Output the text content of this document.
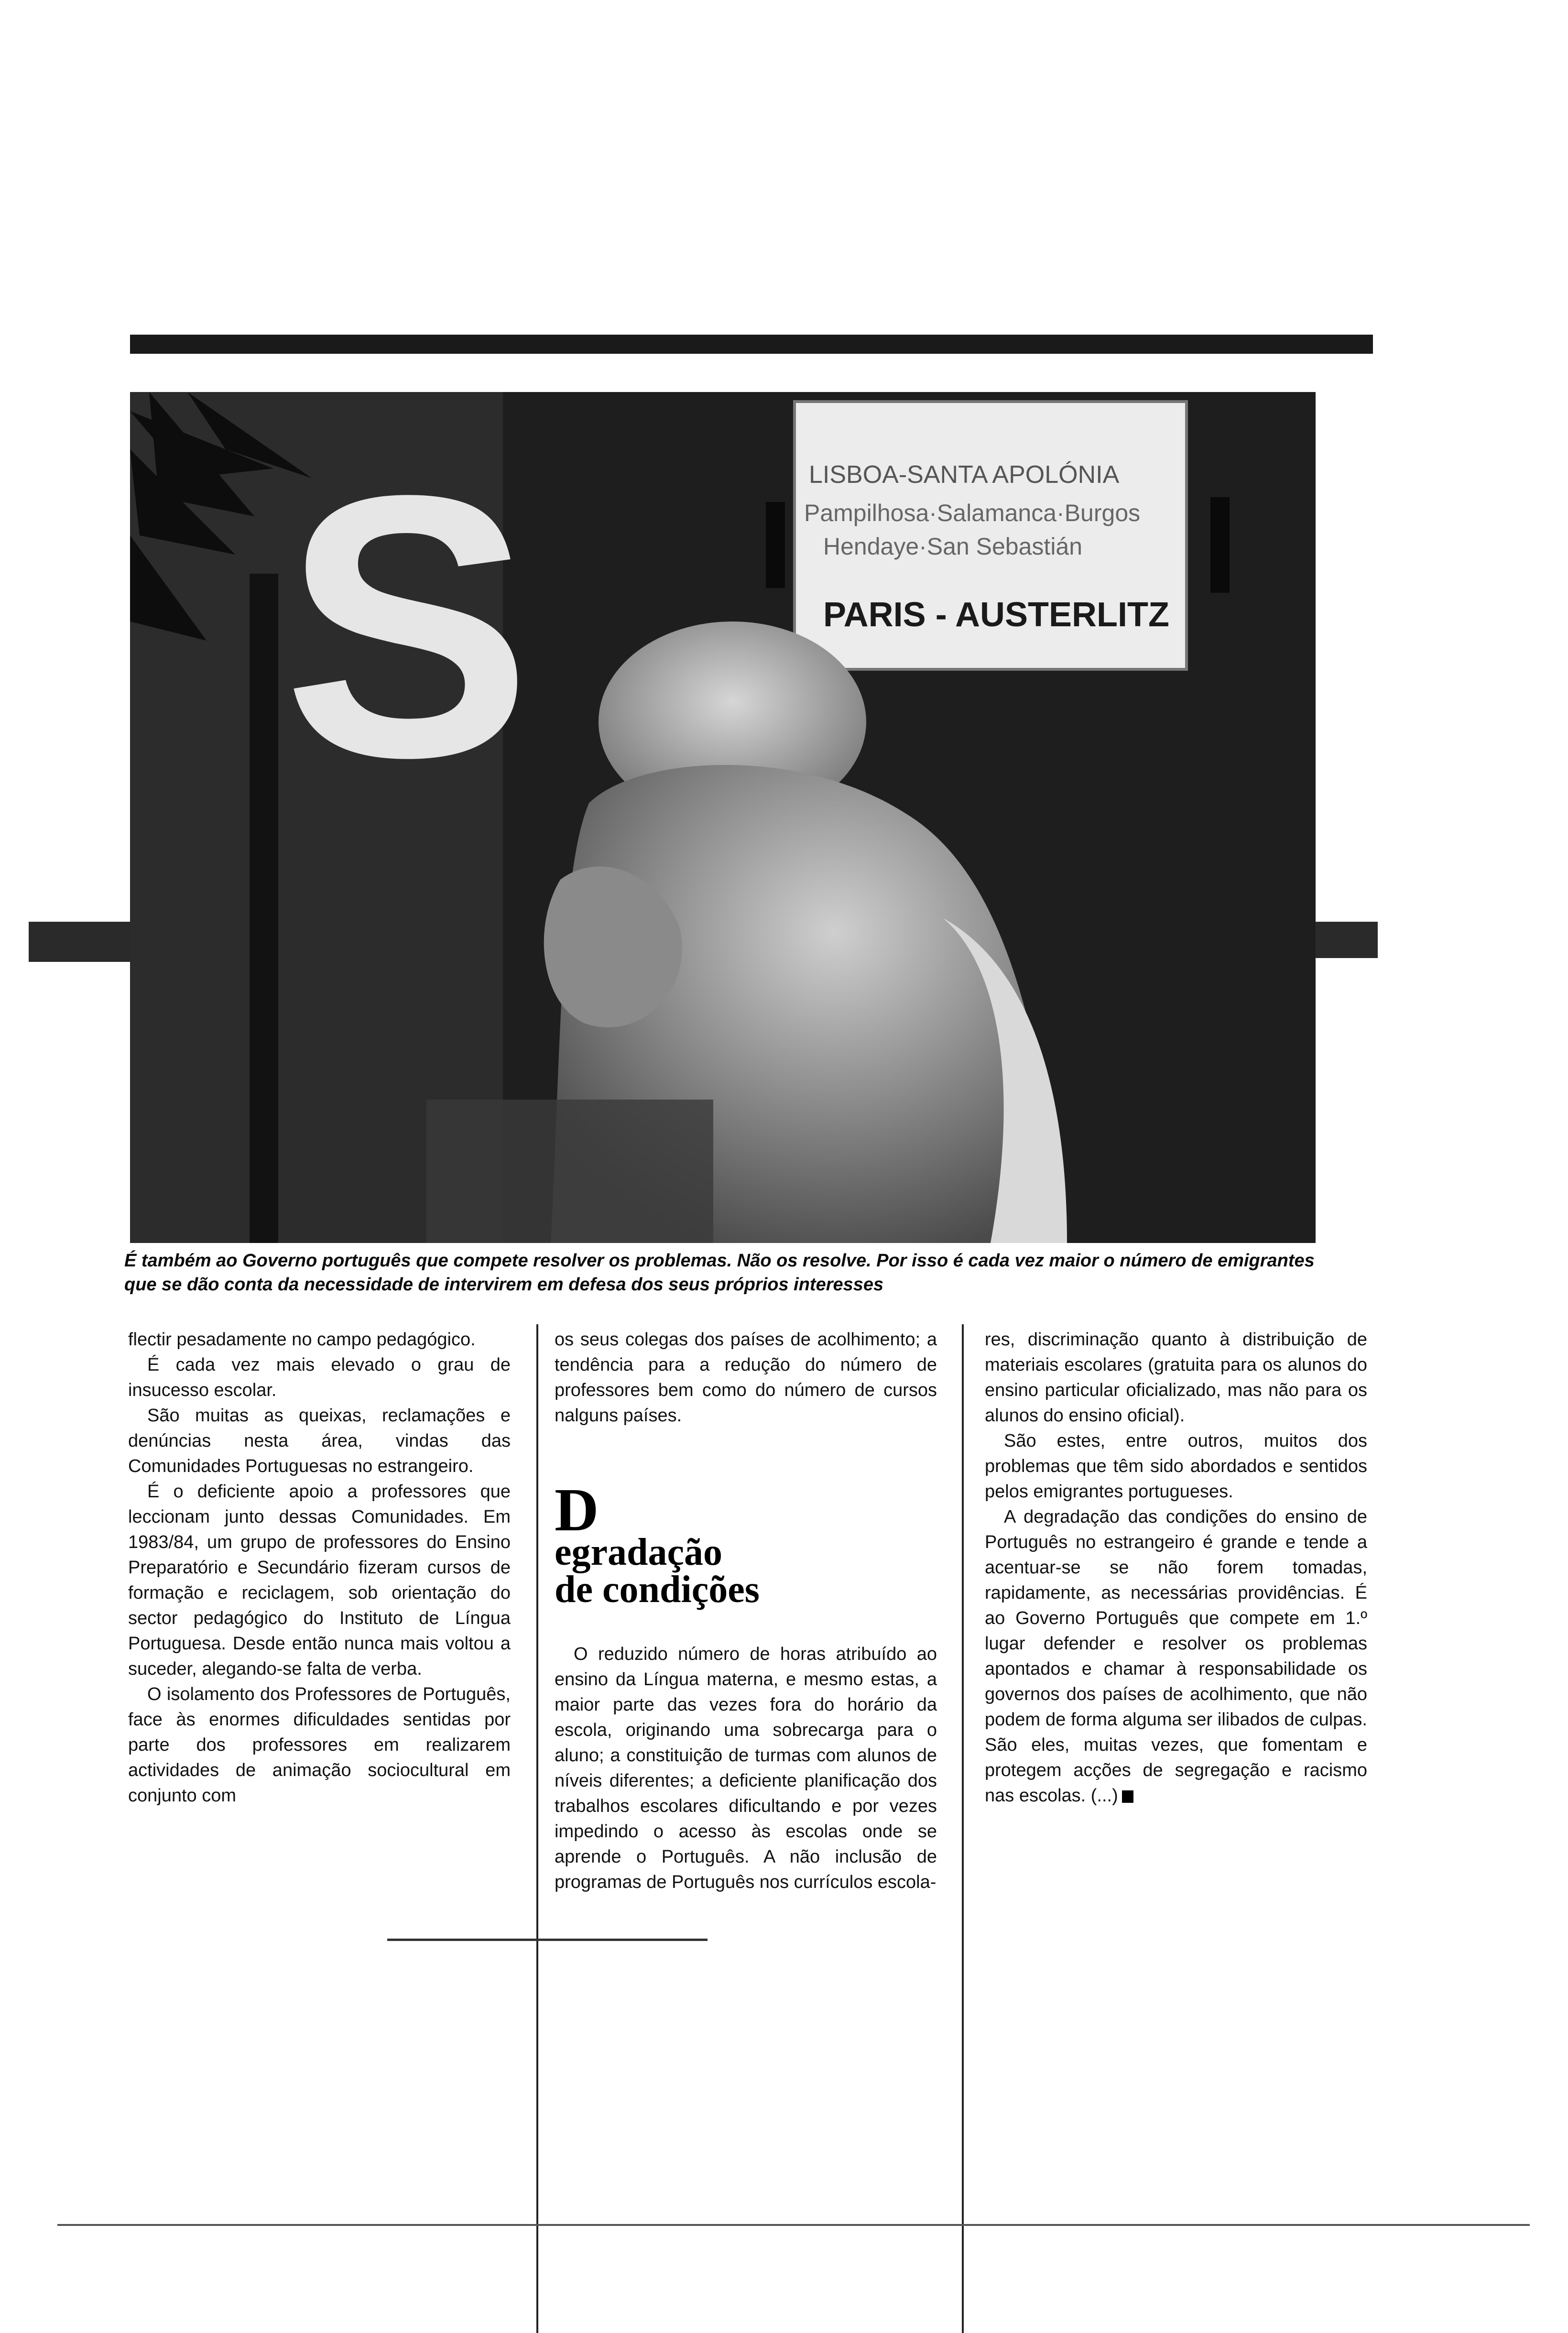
S	LISBOA-SANTA APOLÓNIA
Pampilhosa·Salamanca·Burgos
Hendaye·San Sebastián
PARIS - AUSTERLITZ
É também ao Governo português que compete resolver os problemas. Não os resolve. Por isso é cada vez maior o número de emigrantes que se dão conta da necessidade de intervirem em defesa dos seus próprios interesses

flectir pesadamente no campo pedagógico.

É cada vez mais elevado o grau de insucesso escolar.

São muitas as queixas, reclamações e denúncias nesta área, vindas das Comunidades Portuguesas no estrangeiro.

É o deficiente apoio a professores que leccionam junto dessas Comunidades. Em 1983/84, um grupo de professores do Ensino Preparatório e Secundário fizeram cursos de formação e reciclagem, sob orientação do sector pedagógico do Instituto de Língua Portuguesa. Desde então nunca mais voltou a suceder, alegando-se falta de verba.

O isolamento dos Professores de Português, face às enormes dificuldades sentidas por parte dos professores em realizarem actividades de animação sociocultural em conjunto com

os seus colegas dos países de acolhimento; a tendência para a redução do número de professores bem como do número de cursos nalguns países.

D
egradação
de condições

O reduzido número de horas atribuído ao ensino da Língua materna, e mesmo estas, a maior parte das vezes fora do horário da escola, originando uma sobrecarga para o aluno; a constituição de turmas com alunos de níveis diferentes; a deficiente planificação dos trabalhos escolares dificultando e por vezes impedindo o acesso às escolas onde se aprende o Português. A não inclusão de programas de Português nos currículos escola-

res, discriminação quanto à distribuição de materiais escolares (gratuita para os alunos do ensino particular oficializado, mas não para os alunos do ensino oficial).

São estes, entre outros, muitos dos problemas que têm sido abordados e sentidos pelos emigrantes portugueses.

A degradação das condições do ensino de Português no estrangeiro é grande e tende a acentuar-se se não forem tomadas, rapidamente, as necessárias providências. É ao Governo Português que compete em 1.º lugar defender e resolver os problemas apontados e chamar à responsabilidade os governos dos países de acolhimento, que não podem de forma alguma ser ilibados de culpas. São eles, muitas vezes, que fomentam e protegem acções de segregação e racismo nas escolas. (...)
